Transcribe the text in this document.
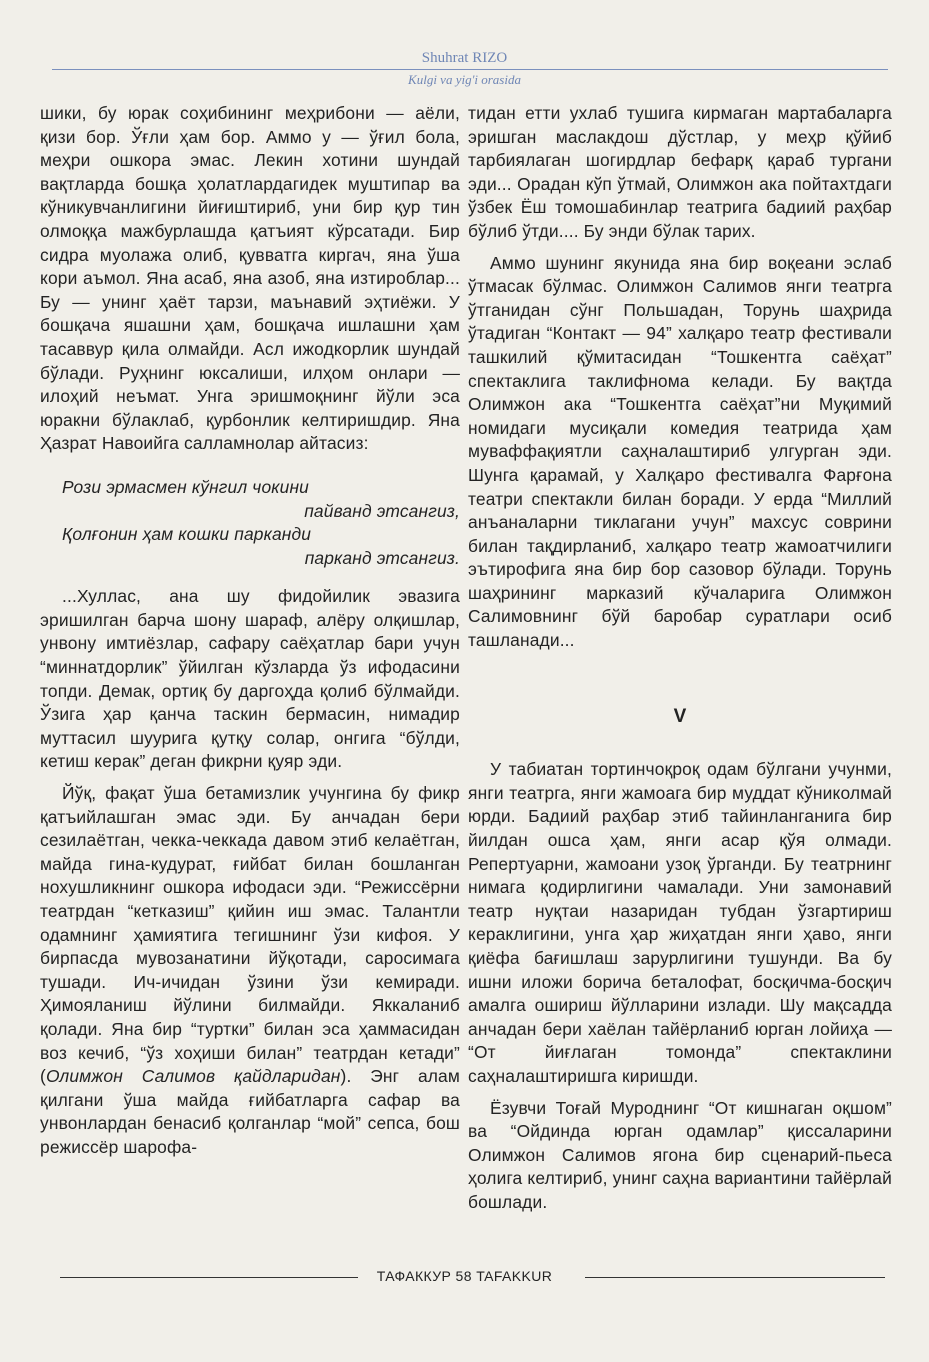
Shuhrat RIZO
Kulgi va yig'i orasida

шики, бу юрак соҳибининг меҳрибони — аёли, қизи бор. Ўғли ҳам бор. Аммо у — ўғил бола, меҳри ошкора эмас. Лекин хотини шундай вақтларда бошқа ҳолатлардагидек муштипар ва кўникувчанлигини йиғиштириб, уни бир қур тин олмоққа мажбурлашда қатъият кўрсатади. Бир сидра муолажа олиб, қувватга киргач, яна ўша кори аъмол. Яна асаб, яна азоб, яна изтироблар... Бу — унинг ҳаёт тарзи, маънавий эҳтиёжи. У бошқача яшашни ҳам, бошқача ишлашни ҳам тасаввур қила олмайди. Асл ижодкорлик шундай бўлади. Руҳнинг юксалиши, илҳом онлари — илоҳий неъмат. Унга эришмоқнинг йўли эса юракни бўлаклаб, қурбонлик келтиришдир. Яна Ҳазрат Навоийга салламнолар айтасиз:

Рози эрмасмен кўнгил чокини
пайванд этсангиз,
Қолғонин ҳам кошки парканди
парканд этсангиз.

...Хуллас, ана шу фидойилик эвазига эришилган барча шону шараф, алёру олқишлар, унвону имтиёзлар, сафару саёҳатлар бари учун “миннатдорлик” ўйилган кўзларда ўз ифодасини топди. Демак, ортиқ бу даргоҳда қолиб бўлмайди. Ўзига ҳар қанча таскин бермасин, нимадир муттасил шуурига қутқу солар, онгига “бўлди, кетиш керак” деган фикрни қуяр эди.

Йўқ, фақат ўша бетамизлик учунгина бу фикр қатъийлашган эмас эди. Бу анчадан бери сезилаётган, чекка-чеккада давом этиб келаётган, майда гина-кудурат, ғийбат билан бошланган нохушликнинг ошкора ифодаси эди. “Режиссёрни театрдан “кетказиш” қийин иш эмас. Талантли одамнинг ҳамиятига тегишнинг ўзи кифоя. У бирпасда мувозанатини йўқотади, саросимага тушади. Ич-ичидан ўзини ўзи кемиради. Ҳимояланиш йўлини билмайди. Яккаланиб қолади. Яна бир “туртки” билан эса ҳаммасидан воз кечиб, “ўз хоҳиши билан” театрдан кетади” (Олимжон Салимов қайдларидан). Энг алам қилгани ўша майда ғийбатларга сафар ва унвонлардан бенасиб қолганлар “мой” сепса, бош режиссёр шарофа-

тидан етти ухлаб тушига кирмаган мартабаларга эришган маслакдош дўстлар, у меҳр қўйиб тарбиялаган шогирдлар бефарқ қараб тургани эди... Орадан кўп ўтмай, Олимжон ака пойтахтдаги ўзбек Ёш томошабинлар театрига бадиий раҳбар бўлиб ўтди.... Бу энди бўлак тарих.

Аммо шунинг якунида яна бир воқеани эслаб ўтмасак бўлмас. Олимжон Салимов янги театрга ўтганидан сўнг Польшадан, Торунь шаҳрида ўтадиган “Контакт — 94” халқаро театр фестивали ташкилий қўмитасидан “Тошкентга саёҳат” спектаклига таклифнома келади. Бу вақтда Олимжон ака “Тошкентга саёҳат”ни Муқимий номидаги мусиқали комедия театрида ҳам муваффақиятли саҳналаштириб улгурган эди. Шунга қарамай, у Халқаро фестивалга Фарғона театри спектакли билан боради. У ерда “Миллий анъаналарни тиклагани учун” махсус соврини билан тақдирланиб, халқаро театр жамоатчилиги эътирофига яна бир бор сазовор бўлади. Торунь шаҳрининг марказий кўчаларига Олимжон Салимовнинг бўй баробар суратлари осиб ташланади...

V

У табиатан тортинчоқроқ одам бўлгани учунми, янги театрга, янги жамоага бир муддат кўниколмай юрди. Бадиий раҳбар этиб тайинланганига бир йилдан ошса ҳам, янги асар қўя олмади. Репертуарни, жамоани узоқ ўрганди. Бу театрнинг нимага қодирлигини чамалади. Уни замонавий театр нуқтаи назаридан тубдан ўзгартириш кераклигини, унга ҳар жиҳатдан янги ҳаво, янги қиёфа бағишлаш зарурлигини тушунди. Ва бу ишни иложи борича беталофат, босқичма-босқич амалга ошириш йўлларини излади. Шу мақсадда анчадан бери хаёлан тайёрланиб юрган лойиҳа — “От йиғлаган томонда” спектаклини саҳналаштиришга киришди.

Ёзувчи Тоғай Муроднинг “От кишнаган оқшом” ва “Ойдинда юрган одамлар” қиссаларини Олимжон Салимов ягона бир сценарий-пьеса ҳолига келтириб, унинг саҳна вариантини тайёрлай бошлади.

ТАФАККУР 58 TAFAKKUR
